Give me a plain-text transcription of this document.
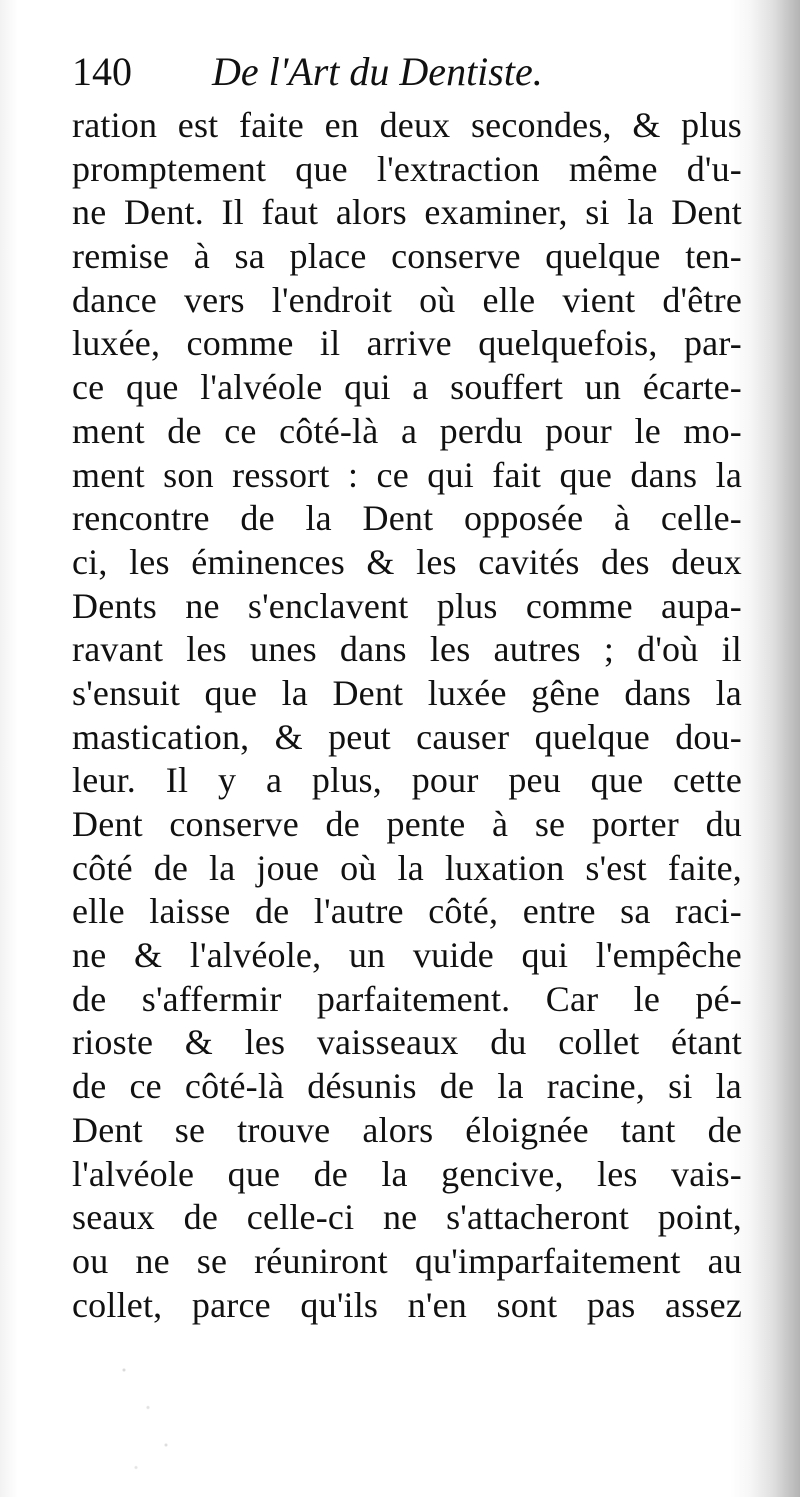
140 De l'Art du Dentiste.
ration est faite en deux secondes, & plus
promptement que l'extraction même d'u-
ne Dent. Il faut alors examiner, si la Dent
remise à sa place conserve quelque ten-
dance vers l'endroit où elle vient d'être
luxée, comme il arrive quelquefois, par-
ce que l'alvéole qui a souffert un écarte-
ment de ce côté-là a perdu pour le mo-
ment son ressort : ce qui fait que dans la
rencontre de la Dent opposée à celle-
ci, les éminences & les cavités des deux
Dents ne s'enclavent plus comme aupa-
ravant les unes dans les autres ; d'où il
s'ensuit que la Dent luxée gêne dans la
mastication, & peut causer quelque dou-
leur. Il y a plus, pour peu que cette
Dent conserve de pente à se porter du
côté de la joue où la luxation s'est faite,
elle laisse de l'autre côté, entre sa raci-
ne & l'alvéole, un vuide qui l'empêche
de s'affermir parfaitement. Car le pé-
rioste & les vaisseaux du collet étant
de ce côté-là désunis de la racine, si la
Dent se trouve alors éloignée tant de
l'alvéole que de la gencive, les vais-
seaux de celle-ci ne s'attacheront point,
ou ne se réuniront qu'imparfaitement au
collet, parce qu'ils n'en sont pas assez
